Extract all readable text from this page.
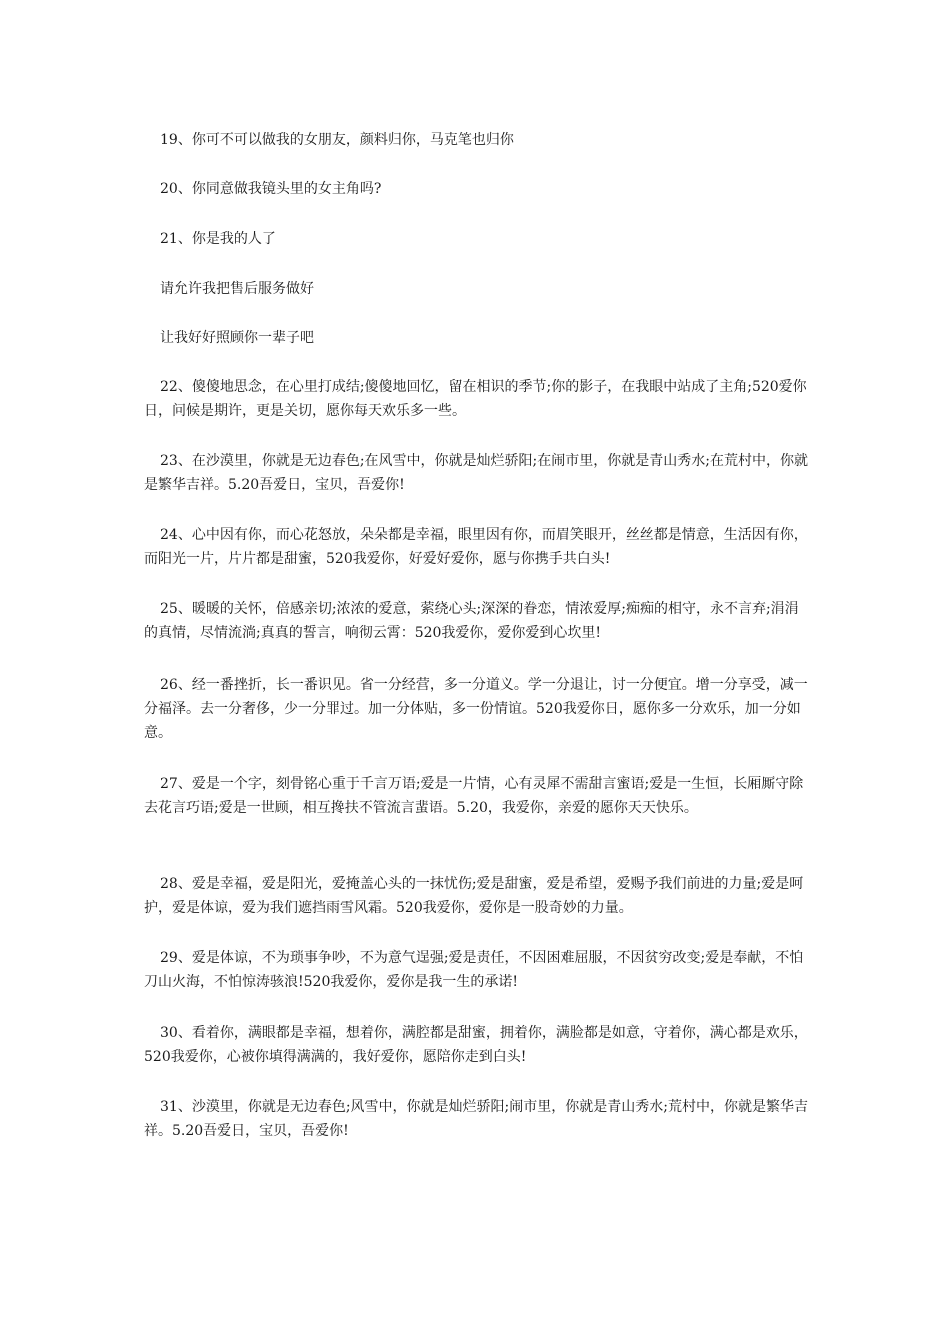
19、你可不可以做我的女朋友，颜料归你，马克笔也归你

20、你同意做我镜头里的女主角吗?

21、你是我的人了

请允许我把售后服务做好

让我好好照顾你一辈子吧

22、傻傻地思念，在心里打成结;傻傻地回忆，留在相识的季节;你的影子，在我眼中站成了主角;520爱你日，问候是期许，更是关切，愿你每天欢乐多一些。

23、在沙漠里，你就是无边春色;在风雪中，你就是灿烂骄阳;在闹市里，你就是青山秀水;在荒村中，你就是繁华吉祥。5.20吾爱日，宝贝，吾爱你!

24、心中因有你，而心花怒放，朵朵都是幸福，眼里因有你，而眉笑眼开，丝丝都是情意，生活因有你，而阳光一片，片片都是甜蜜，520我爱你，好爱好爱你，愿与你携手共白头!

25、暖暖的关怀，倍感亲切;浓浓的爱意，萦绕心头;深深的眷恋，情浓爱厚;痴痴的相守，永不言弃;涓涓的真情，尽情流淌;真真的誓言，响彻云霄：520我爱你，爱你爱到心坎里!

26、经一番挫折，长一番识见。省一分经营，多一分道义。学一分退让，讨一分便宜。增一分享受，减一分福泽。去一分奢侈，少一分罪过。加一分体贴，多一份情谊。520我爱你日，愿你多一分欢乐，加一分如意。

27、爱是一个字，刻骨铭心重于千言万语;爱是一片情，心有灵犀不需甜言蜜语;爱是一生恒，长厢厮守除去花言巧语;爱是一世顾，相互搀扶不管流言蜚语。5.20，我爱你，亲爱的愿你天天快乐。

28、爱是幸福，爱是阳光，爱掩盖心头的一抹忧伤;爱是甜蜜，爱是希望，爱赐予我们前进的力量;爱是呵护，爱是体谅，爱为我们遮挡雨雪风霜。520我爱你，爱你是一股奇妙的力量。

29、爱是体谅，不为琐事争吵，不为意气逞强;爱是责任，不因困难屈服，不因贫穷改变;爱是奉献，不怕刀山火海，不怕惊涛骇浪!520我爱你，爱你是我一生的承诺!

30、看着你，满眼都是幸福，想着你，满腔都是甜蜜，拥着你，满脸都是如意，守着你，满心都是欢乐，520我爱你，心被你填得满满的，我好爱你，愿陪你走到白头!

31、沙漠里，你就是无边春色;风雪中，你就是灿烂骄阳;闹市里，你就是青山秀水;荒村中，你就是繁华吉祥。5.20吾爱日，宝贝，吾爱你!
